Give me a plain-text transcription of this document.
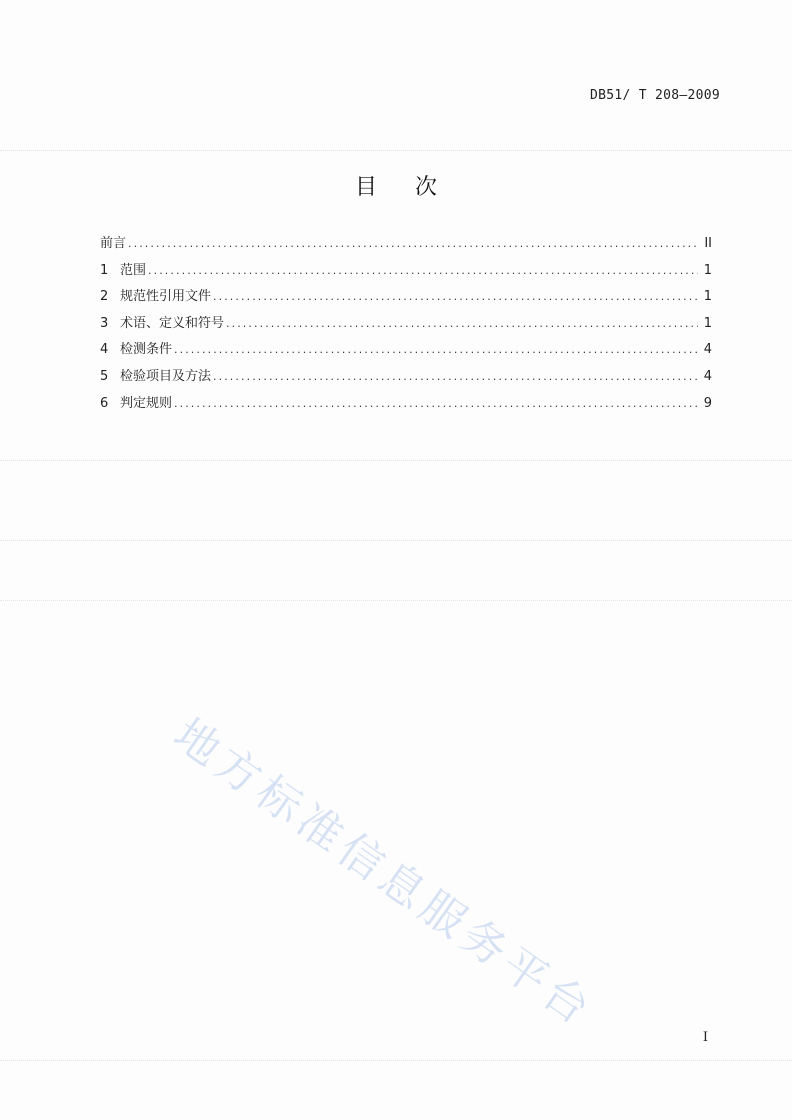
DB51/ T 208—2009
目次
前言 .....	II
1 范围 .....	1
2 规范性引用文件 .....	1
3 术语、定义和符号 .....	1
4 检测条件 .....	4
5 检验项目及方法 .....	4
6 判定规则 .....	9
地方标准信息服务平台	I
